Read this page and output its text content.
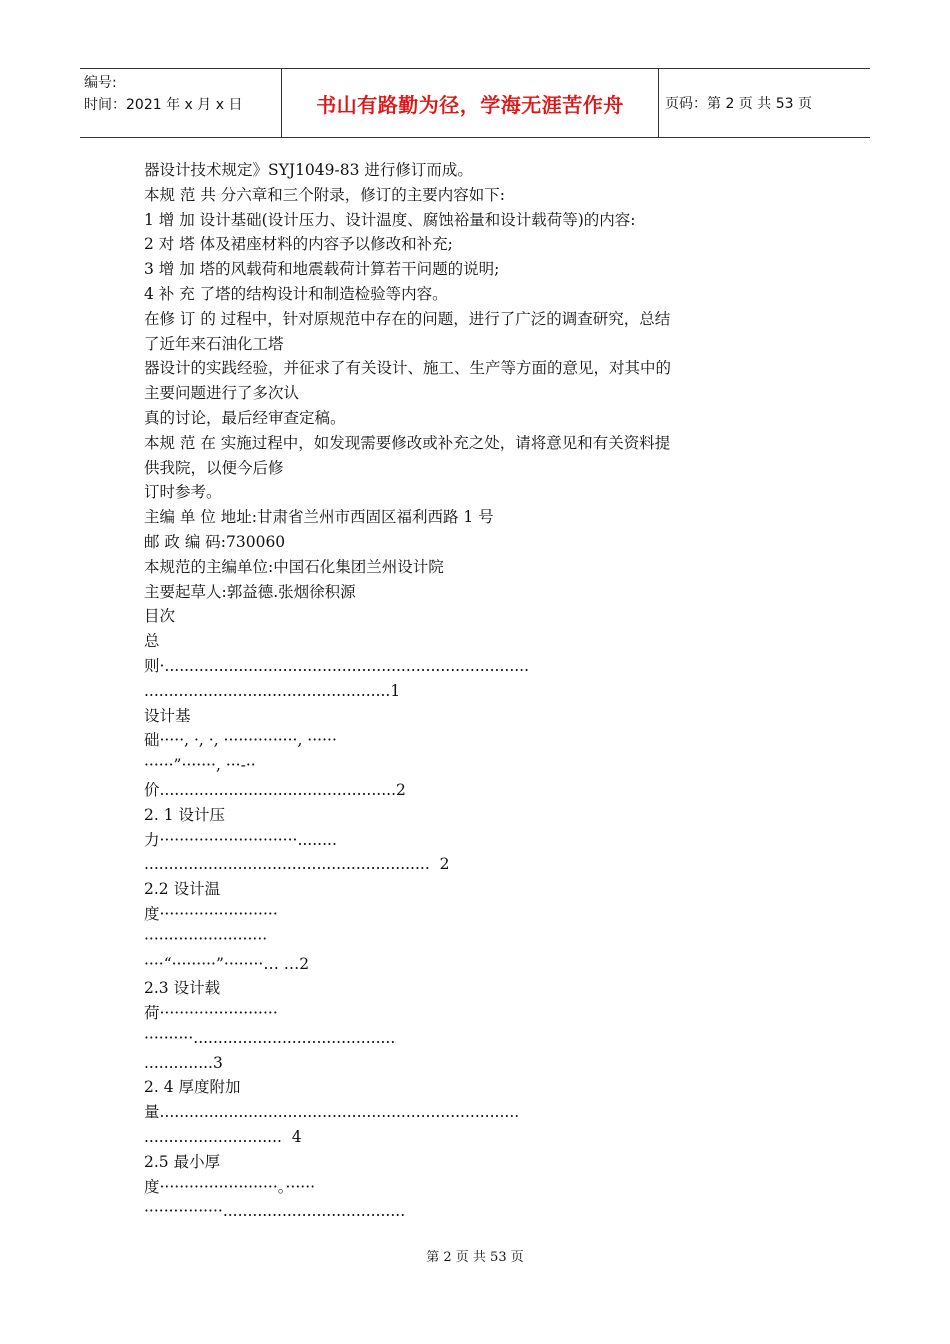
编号:
时间：2021 年 x 月 x 日	书山有路勤为径，学海无涯苦作舟	页码：第 2 页 共 53 页
器设计技术规定》SYJ1049-83 进行修订而成。
本规 范 共 分六章和三个附录，修订的主要内容如下:
1 增 加 设计基础(设计压力、设计温度、腐蚀裕量和设计载荷等)的内容:
2 对 塔 体及裙座材料的内容予以修改和补充;
3 增 加 塔的风载荷和地震载荷计算若干问题的说明;
4 补 充 了塔的结构设计和制造检验等内容。
在修 订 的 过程中，针对原规范中存在的问题，进行了广泛的调查研究，总结
了近年来石油化工塔
器设计的实践经验，并征求了有关设计、施工、生产等方面的意见，对其中的
主要问题进行了多次认
真的讨论，最后经审查定稿。
本规 范 在 实施过程中，如发现需要修改或补充之处，请将意见和有关资料提
供我院，以便今后修
订时参考。
主编 单 位 地址:甘肃省兰州市西固区福利西路 1 号
邮 政 编 码:730060
本规范的主编单位:中国石化集团兰州设计院
主要起草人:郭益德.张烟徐积源
目次
总
则·..........................................................................
..................................................1
设计基
础·····, ·, ·, ···············, ······
······”·······, ···-··
价................................................2
2. 1 设计压
力····························........
..........................................................  2
2.2 设计温
度························
·························
····“·········”········… …2
2.3 设计载
荷························
··········.........................................
..............3
2. 4 厚度附加
量.........................................................................
............................  4
2.5 最小厚
度························。······
················.....................................
第 2 页 共 53 页
